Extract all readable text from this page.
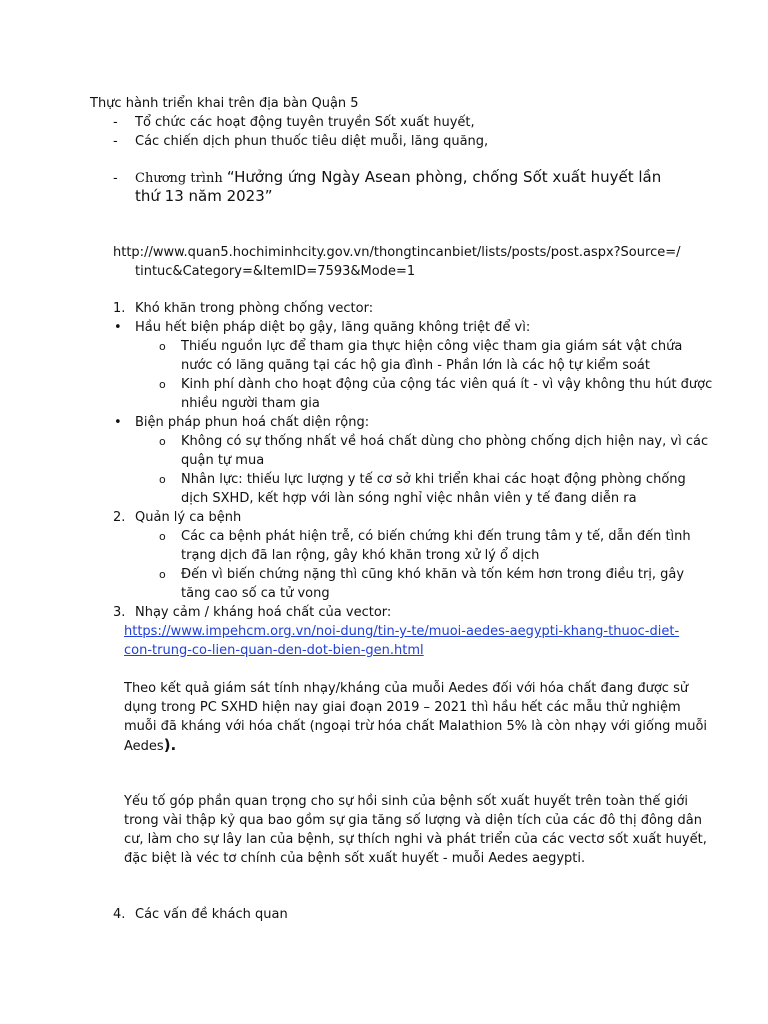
Thực hành triển khai trên địa bàn Quận 5
- Tổ chức các hoạt động tuyên truyền Sốt xuất huyết,
- Các chiến dịch phun thuốc tiêu diệt muỗi, lăng quăng,
- Chương trình “Hưởng ứng Ngày Asean phòng, chống Sốt xuất huyết lần
thứ 13 năm 2023”
http://www.quan5.hochiminhcity.gov.vn/thongtincanbiet/lists/posts/post.aspx?Source=/
tintuc&Category=&ItemID=7593&Mode=1
1. Khó khăn trong phòng chống vector:
• Hầu hết biện pháp diệt bọ gậy, lăng quăng không triệt để vì:
o Thiếu nguồn lực để tham gia thực hiện công việc tham gia giám sát vật chứa
nước có lăng quăng tại các hộ gia đình - Phần lớn là các hộ tự kiểm soát
o Kinh phí dành cho hoạt động của cộng tác viên quá ít - vì vậy không thu hút được
nhiều người tham gia
• Biện pháp phun hoá chất diện rộng:
o Không có sự thống nhất về hoá chất dùng cho phòng chống dịch hiện nay, vì các
quận tự mua
o Nhân lực: thiếu lực lượng y tế cơ sở khi triển khai các hoạt động phòng chống
dịch SXHD, kết hợp với làn sóng nghỉ việc nhân viên y tế đang diễn ra
2. Quản lý ca bệnh
o Các ca bệnh phát hiện trễ, có biến chứng khi đến trung tâm y tế, dẫn đến tình
trạng dịch đã lan rộng, gây khó khăn trong xử lý ổ dịch
o Đến vì biến chứng nặng thì cũng khó khăn và tốn kém hơn trong điều trị, gây
tăng cao số ca tử vong
3. Nhạy cảm / kháng hoá chất của vector:
https://www.impehcm.org.vn/noi-dung/tin-y-te/muoi-aedes-aegypti-khang-thuoc-diet-
con-trung-co-lien-quan-den-dot-bien-gen.html
Theo kết quả giám sát tính nhạy/kháng của muỗi Aedes đối với hóa chất đang được sử
dụng trong PC SXHD hiện nay giai đoạn 2019 – 2021 thì hầu hết các mẫu thử nghiệm
muỗi đã kháng với hóa chất (ngoại trừ hóa chất Malathion 5% là còn nhạy với giống muỗi
Aedes).
Yếu tố góp phần quan trọng cho sự hồi sinh của bệnh sốt xuất huyết trên toàn thế giới
trong vài thập kỷ qua bao gồm sự gia tăng số lượng và diện tích của các đô thị đông dân
cư, làm cho sự lây lan của bệnh, sự thích nghi và phát triển của các vectơ sốt xuất huyết,
đặc biệt là véc tơ chính của bệnh sốt xuất huyết - muỗi Aedes aegypti.
4. Các vấn đề khách quan
